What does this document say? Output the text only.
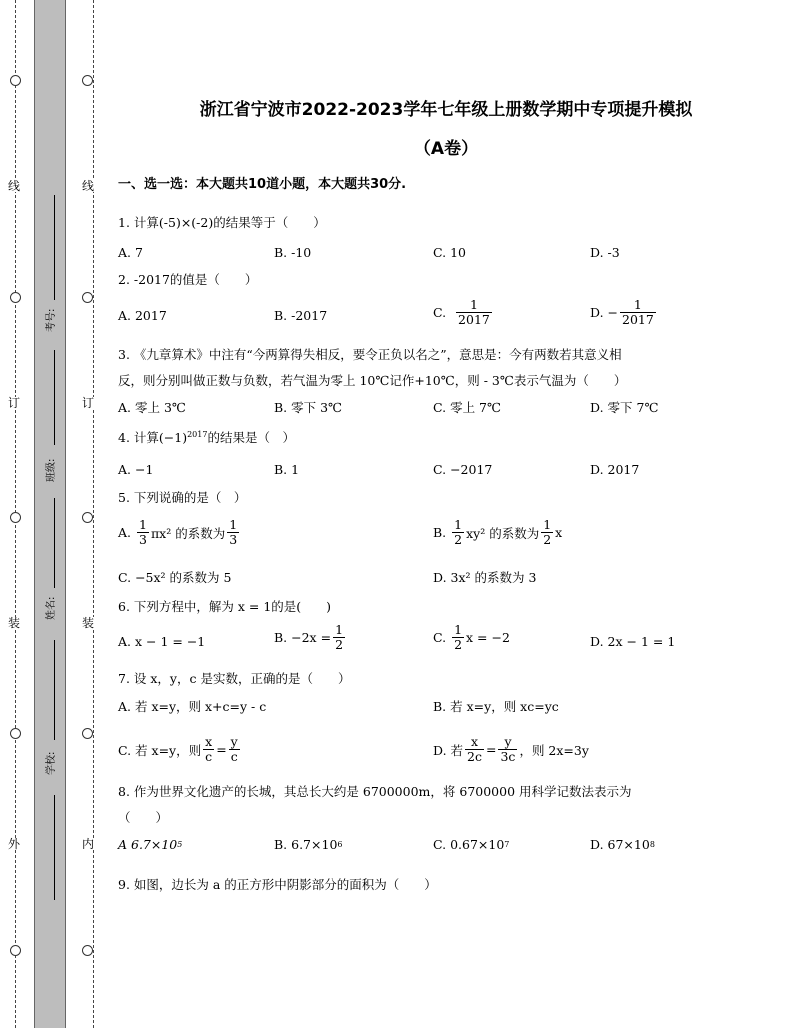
线
订
装
外
线
订
装
内
考号:
班级:
姓名:
学校:
浙江省宁波市2022-2023学年七年级上册数学期中专项提升模拟
（A卷）
一、选一选：本大题共10道小题，本大题共30分.
1. 计算(-5)×(-2)的结果等于（　　）
A. 7	B. -10	C. 10	D. -3
2. -2017的值是（　　）
A. 2017	B. -2017	C.
$\frac{1}{2017}$	D. − $\frac{1}{2017}$
3. 《九章算术》中注有“今两算得失相反，要令正负以名之”，意思是：今有两数若其意义相
反，则分别叫做正数与负数，若气温为零上 10℃记作+10℃，则 - 3℃表示气温为（　　）
A. 零上 3℃	B. 零下 3℃	C. 零上 7℃	D. 零下 7℃
4. 计算$(-1)^{2017}$的结果是（　）
A. −1	B. 1	C. −2017	D. 2017
5. 下列说确的是（　）
A.
$\frac{1}{3} \pi x^2$ 的系数为 $\frac{1}{3}$	B.
$\frac{1}{2} xy^2$ 的系数为 $\frac{1}{2}$ x
C. −5x² 的系数为 5	D. 3x² 的系数为 3
6. 下列方程中，解为 x = 1的是(　　)
A. x − 1 = −1	B. $-2x = \frac{1}{2}$	C.
$\frac{1}{2}$ x = −2	D. 2x − 1 = 1
7. 设 x，y，c 是实数，正确的是（　　）
A. 若 x=y，则 x+c=y - c	B. 若 x=y，则 xc=yc
C. 若 x=y，则 $\frac{x}{c} = \frac{y}{c}$	D. 若 $\frac{x}{2c} = \frac{y}{3c}$ ，则 2x=3y
8. 作为世界文化遗产的长城，其总长大约是 6700000m，将 6700000 用科学记数法表示为
（　　）
A 6.7×10 5	B. 6.7×10 6	C. 0.67×10 7	D. 67×10 8
9. 如图，边长为 a 的正方形中阴影部分的面积为（　　）
